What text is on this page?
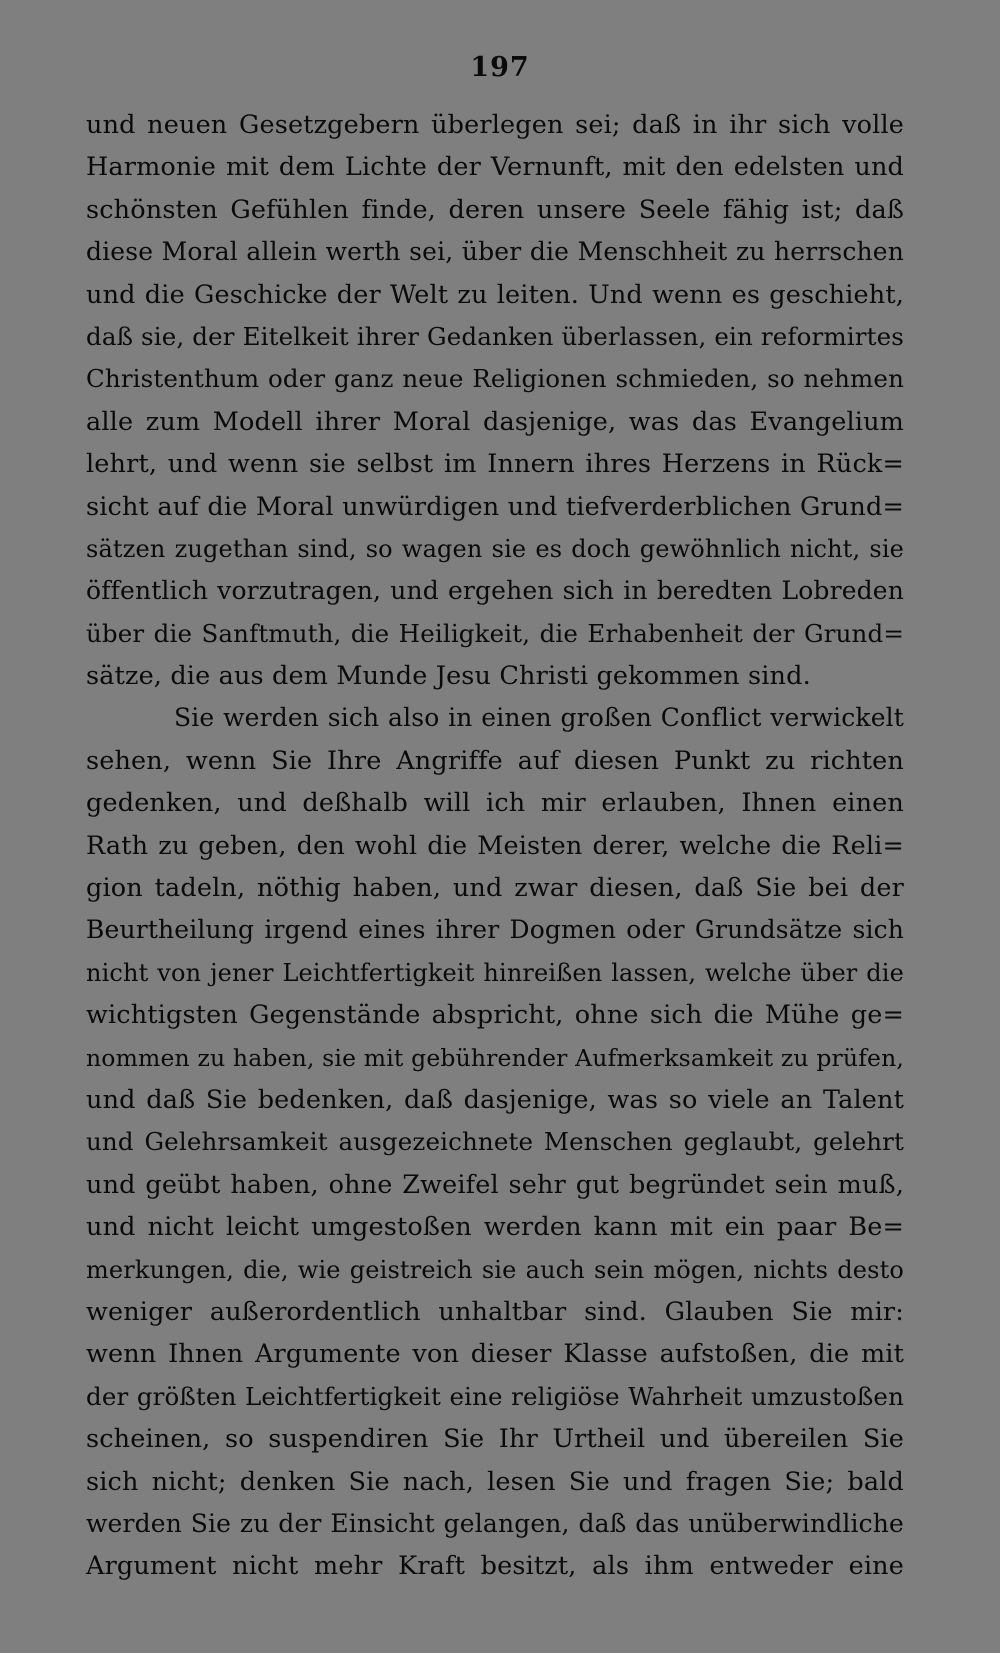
197
und neuen Gesetzgebern überlegen sei; daß in ihr sich volle
Harmonie mit dem Lichte der Vernunft, mit den edelsten und
schönsten Gefühlen finde, deren unsere Seele fähig ist; daß
diese Moral allein werth sei, über die Menschheit zu herrschen
und die Geschicke der Welt zu leiten. Und wenn es geschieht,
daß sie, der Eitelkeit ihrer Gedanken überlassen, ein reformirtes
Christenthum oder ganz neue Religionen schmieden, so nehmen
alle zum Modell ihrer Moral dasjenige, was das Evangelium
lehrt, und wenn sie selbst im Innern ihres Herzens in Rück=
sicht auf die Moral unwürdigen und tiefverderblichen Grund=
sätzen zugethan sind, so wagen sie es doch gewöhnlich nicht, sie
öffentlich vorzutragen, und ergehen sich in beredten Lobreden
über die Sanftmuth, die Heiligkeit, die Erhabenheit der Grund=
sätze, die aus dem Munde Jesu Christi gekommen sind.
Sie werden sich also in einen großen Conflict verwickelt
sehen, wenn Sie Ihre Angriffe auf diesen Punkt zu richten
gedenken, und deßhalb will ich mir erlauben, Ihnen einen
Rath zu geben, den wohl die Meisten derer, welche die Reli=
gion tadeln, nöthig haben, und zwar diesen, daß Sie bei der
Beurtheilung irgend eines ihrer Dogmen oder Grundsätze sich
nicht von jener Leichtfertigkeit hinreißen lassen, welche über die
wichtigsten Gegenstände abspricht, ohne sich die Mühe ge=
nommen zu haben, sie mit gebührender Aufmerksamkeit zu prüfen,
und daß Sie bedenken, daß dasjenige, was so viele an Talent
und Gelehrsamkeit ausgezeichnete Menschen geglaubt, gelehrt
und geübt haben, ohne Zweifel sehr gut begründet sein muß,
und nicht leicht umgestoßen werden kann mit ein paar Be=
merkungen, die, wie geistreich sie auch sein mögen, nichts desto
weniger außerordentlich unhaltbar sind. Glauben Sie mir:
wenn Ihnen Argumente von dieser Klasse aufstoßen, die mit
der größten Leichtfertigkeit eine religiöse Wahrheit umzustoßen
scheinen, so suspendiren Sie Ihr Urtheil und übereilen Sie
sich nicht; denken Sie nach, lesen Sie und fragen Sie; bald
werden Sie zu der Einsicht gelangen, daß das unüberwindliche
Argument nicht mehr Kraft besitzt, als ihm entweder eine
